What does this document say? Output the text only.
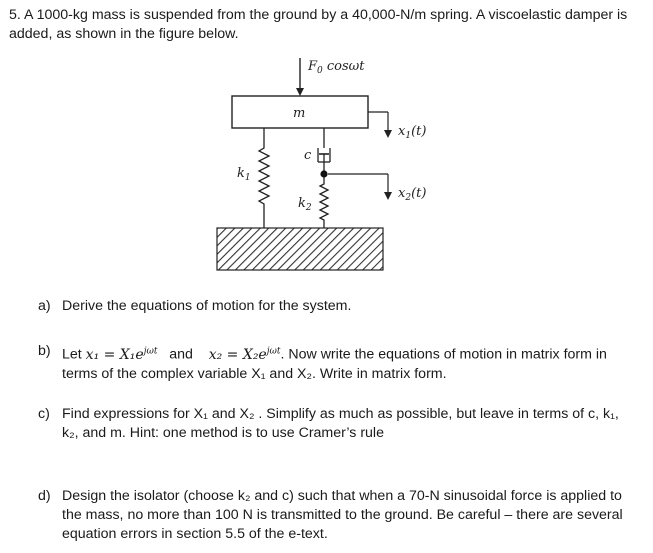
5. A 1000-kg mass is suspended from the ground by a 40,000-N/m spring. A viscoelastic damper is added, as shown in the figure below.
$F_0$ cosωt
m
$x_1(t)$
$k_1$
c
$k_2$
$x_2(t)$
a) Derive the equations of motion for the system.
b) Let $x_1 = X_1e^{j\omega t}$ and $x_2 = X_2e^{j\omega t}$. Now write the equations of motion in matrix form in terms of the complex variable X₁ and X₂. Write in matrix form.
c) Find expressions for X₁ and X₂ . Simplify as much as possible, but leave in terms of c, k₁, k₂, and m. Hint: one method is to use Cramer’s rule
d) Design the isolator (choose k₂ and c) such that when a 70-N sinusoidal force is applied to the mass, no more than 100 N is transmitted to the ground. Be careful – there are several equation errors in section 5.5 of the e-text.
